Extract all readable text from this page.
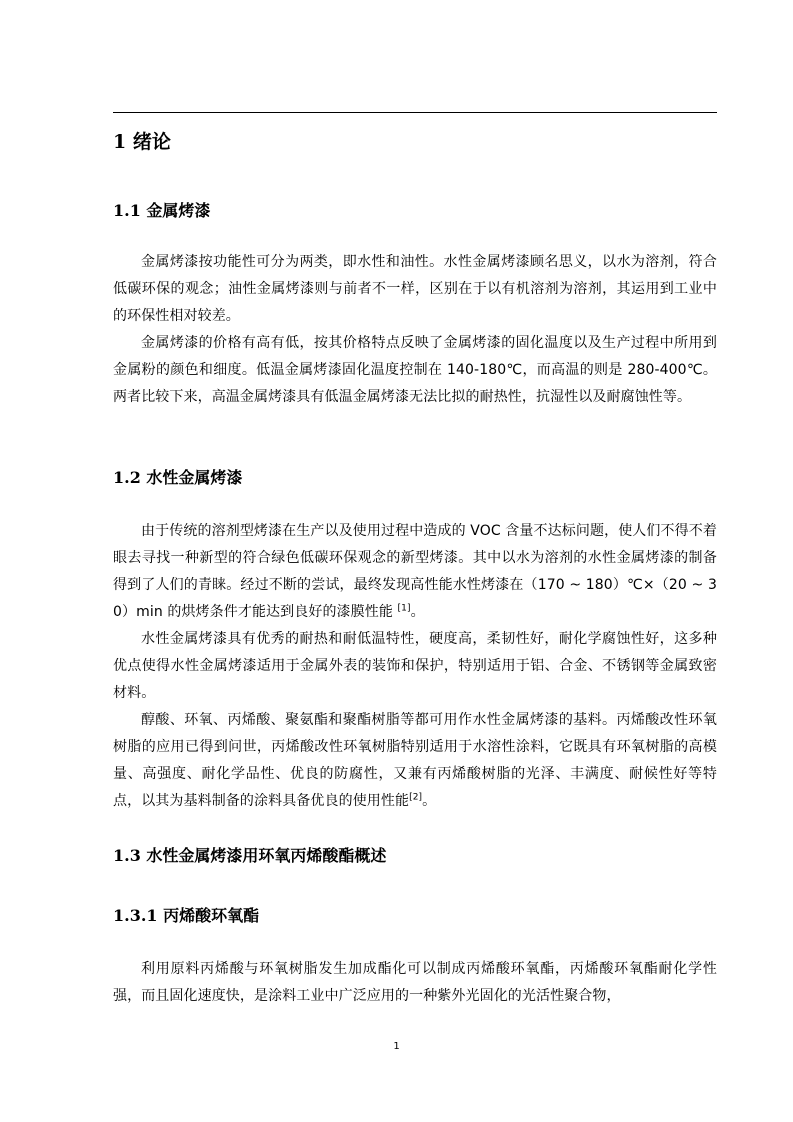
1 绪论
1.1 金属烤漆
金属烤漆按功能性可分为两类，即水性和油性。水性金属烤漆顾名思义，以水为溶剂，符合低碳环保的观念；油性金属烤漆则与前者不一样，区别在于以有机溶剂为溶剂，其运用到工业中的环保性相对较差。
金属烤漆的价格有高有低，按其价格特点反映了金属烤漆的固化温度以及生产过程中所用到金属粉的颜色和细度。低温金属烤漆固化温度控制在 140-180℃，而高温的则是 280-400℃。两者比较下来，高温金属烤漆具有低温金属烤漆无法比拟的耐热性，抗湿性以及耐腐蚀性等。
1.2 水性金属烤漆
由于传统的溶剂型烤漆在生产以及使用过程中造成的 VOC 含量不达标问题，使人们不得不着眼去寻找一种新型的符合绿色低碳环保观念的新型烤漆。其中以水为溶剂的水性金属烤漆的制备得到了人们的青睐。经过不断的尝试，最终发现高性能水性烤漆在（170 ~ 180）℃×（20 ~ 30）min 的烘烤条件才能达到良好的漆膜性能 [1]。
水性金属烤漆具有优秀的耐热和耐低温特性，硬度高，柔韧性好，耐化学腐蚀性好，这多种优点使得水性金属烤漆适用于金属外表的装饰和保护，特别适用于铝、合金、不锈钢等金属致密材料。
醇酸、环氧、丙烯酸、聚氨酯和聚酯树脂等都可用作水性金属烤漆的基料。丙烯酸改性环氧树脂的应用已得到问世，丙烯酸改性环氧树脂特别适用于水溶性涂料，它既具有环氧树脂的高模量、高强度、耐化学品性、优良的防腐性，又兼有丙烯酸树脂的光泽、丰满度、耐候性好等特点，以其为基料制备的涂料具备优良的使用性能[2]。
1.3 水性金属烤漆用环氧丙烯酸酯概述
1.3.1 丙烯酸环氧酯
利用原料丙烯酸与环氧树脂发生加成酯化可以制成丙烯酸环氧酯，丙烯酸环氧酯耐化学性强，而且固化速度快，是涂料工业中广泛应用的一种紫外光固化的光活性聚合物，
1
